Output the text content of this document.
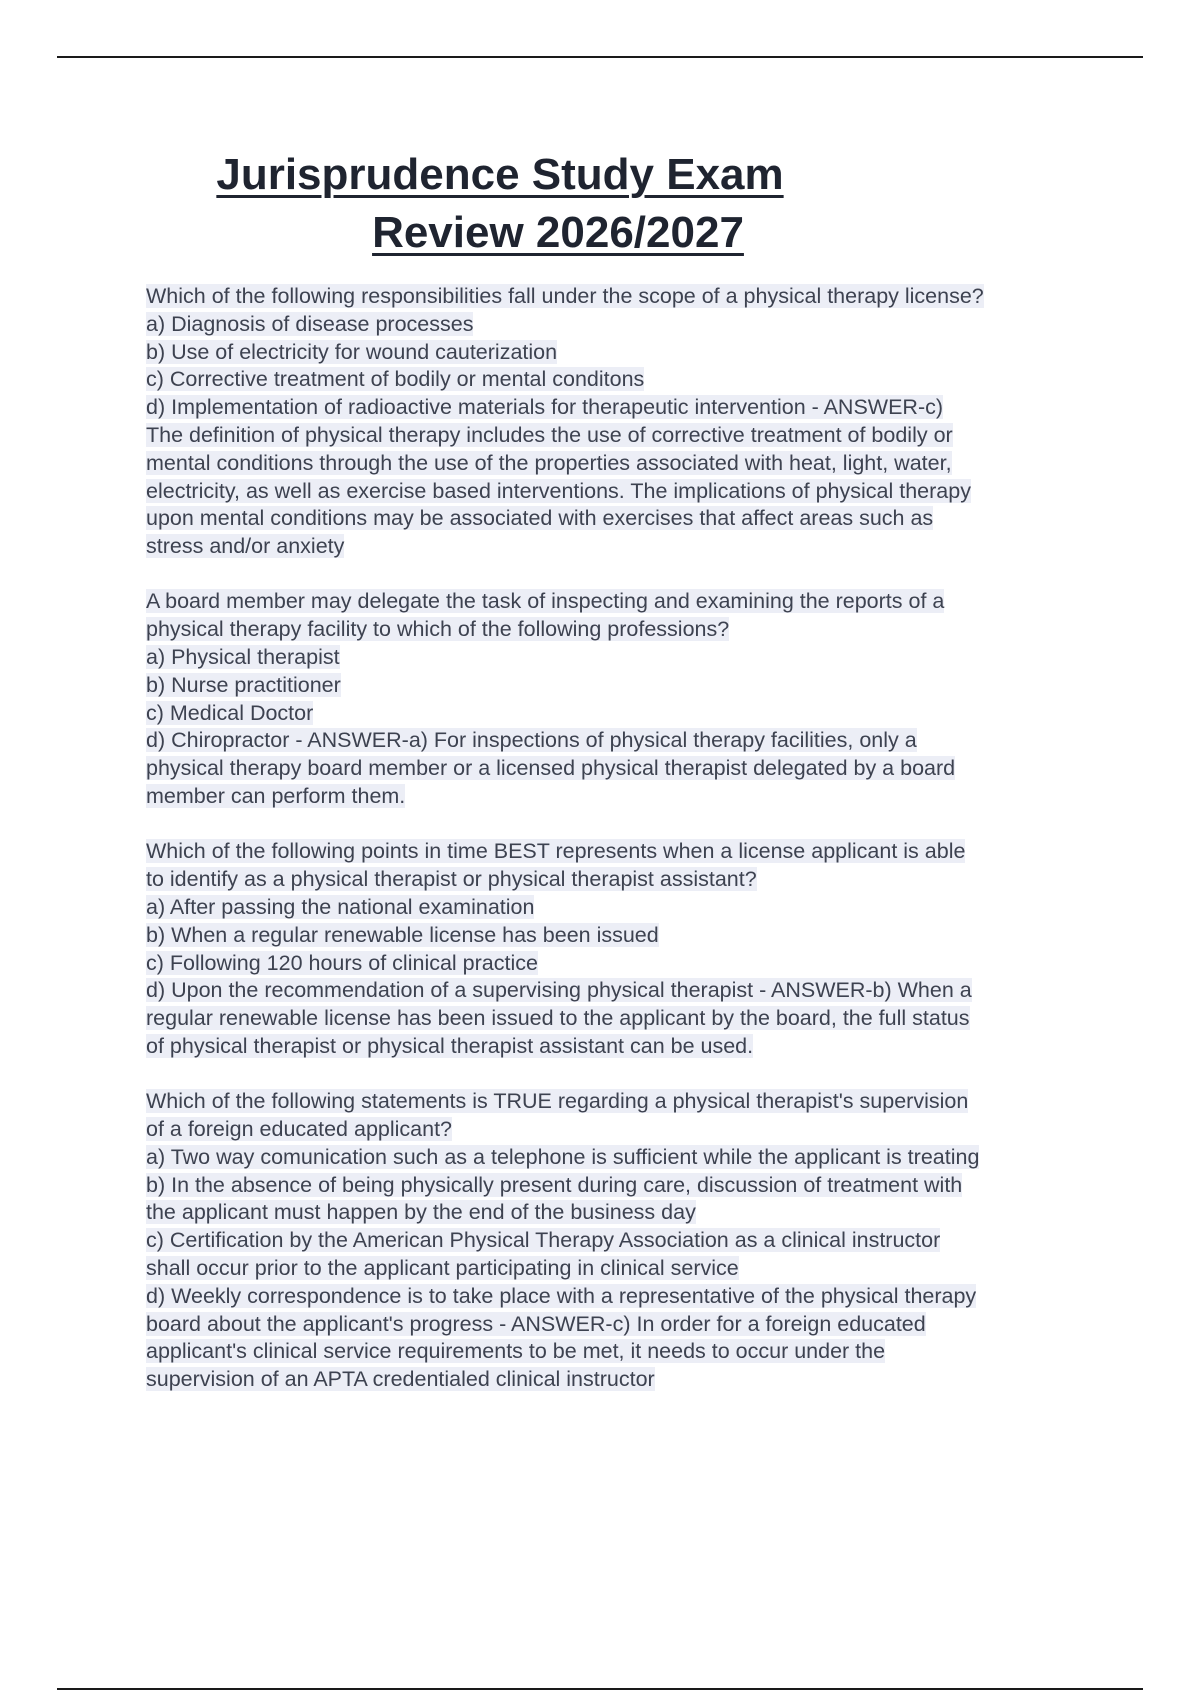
Jurisprudence Study Exam
Review 2026/2027
Which of the following responsibilities fall under the scope of a physical therapy license?
a) Diagnosis of disease processes
b) Use of electricity for wound cauterization
c) Corrective treatment of bodily or mental conditons
d) Implementation of radioactive materials for therapeutic intervention - ANSWER-c)
The definition of physical therapy includes the use of corrective treatment of bodily or
mental conditions through the use of the properties associated with heat, light, water,
electricity, as well as exercise based interventions. The implications of physical therapy
upon mental conditions may be associated with exercises that affect areas such as
stress and/or anxiety
A board member may delegate the task of inspecting and examining the reports of a
physical therapy facility to which of the following professions?
a) Physical therapist
b) Nurse practitioner
c) Medical Doctor
d) Chiropractor - ANSWER-a) For inspections of physical therapy facilities, only a
physical therapy board member or a licensed physical therapist delegated by a board
member can perform them.
Which of the following points in time BEST represents when a license applicant is able
to identify as a physical therapist or physical therapist assistant?
a) After passing the national examination
b) When a regular renewable license has been issued
c) Following 120 hours of clinical practice
d) Upon the recommendation of a supervising physical therapist - ANSWER-b) When a
regular renewable license has been issued to the applicant by the board, the full status
of physical therapist or physical therapist assistant can be used.
Which of the following statements is TRUE regarding a physical therapist's supervision
of a foreign educated applicant?
a) Two way comunication such as a telephone is sufficient while the applicant is treating
b) In the absence of being physically present during care, discussion of treatment with
the applicant must happen by the end of the business day
c) Certification by the American Physical Therapy Association as a clinical instructor
shall occur prior to the applicant participating in clinical service
d) Weekly correspondence is to take place with a representative of the physical therapy
board about the applicant's progress - ANSWER-c) In order for a foreign educated
applicant's clinical service requirements to be met, it needs to occur under the
supervision of an APTA credentialed clinical instructor
